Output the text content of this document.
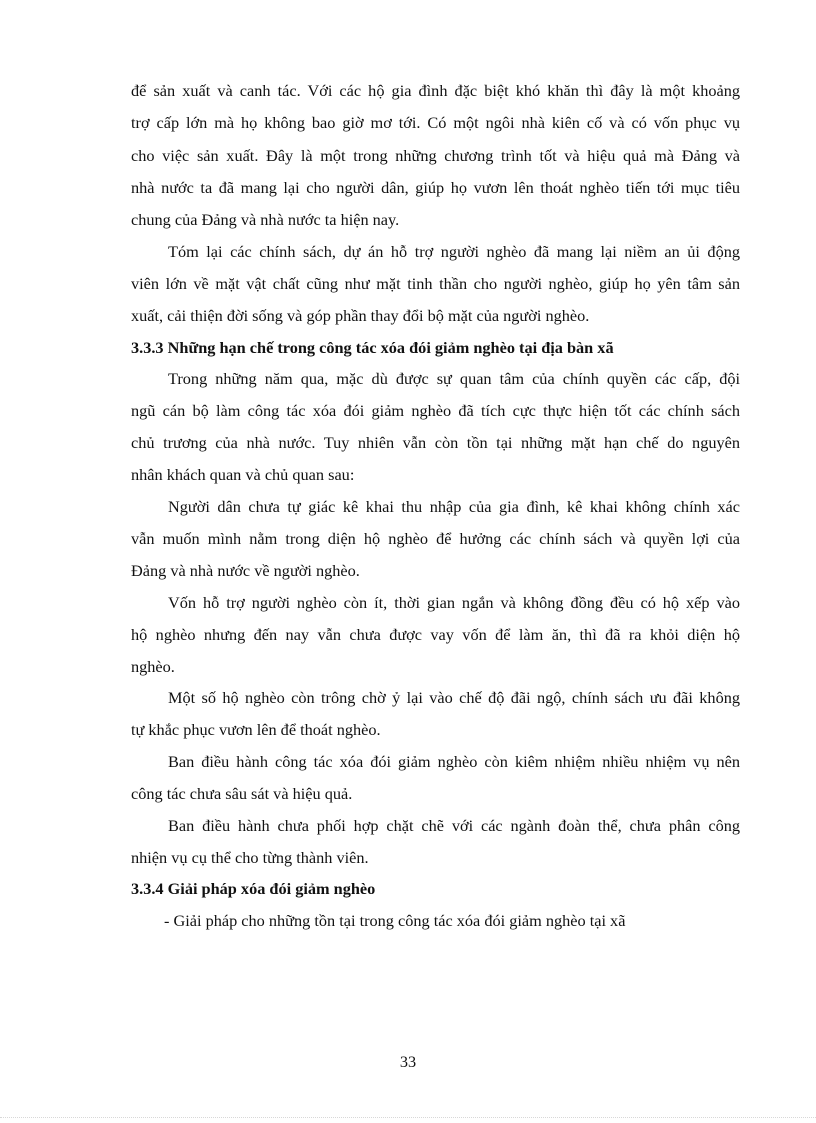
để sản xuất và canh tác. Với các hộ gia đình đặc biệt khó khăn thì đây là một khoảng
trợ cấp lớn mà họ không bao giờ mơ tới. Có một ngôi nhà kiên cố và có vốn phục vụ
cho việc sản xuất. Đây là một trong những chương trình tốt và hiệu quả mà Đảng và
nhà nước ta đã mang lại cho người dân, giúp họ vươn lên thoát nghèo tiến tới mục tiêu
chung của Đảng và nhà nước ta hiện nay.
Tóm lại các chính sách, dự án hỗ trợ người nghèo đã mang lại niềm an ủi động
viên lớn về mặt vật chất cũng như mặt tinh thần cho người nghèo, giúp họ yên tâm sản
xuất, cải thiện đời sống và góp phần thay đổi bộ mặt của người nghèo.
3.3.3 Những hạn chế trong công tác xóa đói giảm nghèo tại địa bàn xã
Trong những năm qua, mặc dù được sự quan tâm của chính quyền các cấp, đội
ngũ cán bộ làm công tác xóa đói giảm nghèo đã tích cực thực hiện tốt các chính sách
chủ trương của nhà nước. Tuy nhiên vẫn còn tồn tại những mặt hạn chế do nguyên
nhân khách quan và chủ quan sau:
Người dân chưa tự giác kê khai thu nhập của gia đình, kê khai không chính xác
vẫn muốn mình nằm trong diện hộ nghèo để hưởng các chính sách và quyền lợi của
Đảng và nhà nước về người nghèo.
Vốn hỗ trợ người nghèo còn ít, thời gian ngắn và không đồng đều có hộ xếp vào
hộ nghèo nhưng đến nay vẫn chưa được vay vốn để làm ăn, thì đã ra khỏi diện hộ
nghèo.
Một số hộ nghèo còn trông chờ ỷ lại vào chế độ đãi ngộ, chính sách ưu đãi không
tự khắc phục vươn lên để thoát nghèo.
Ban điều hành công tác xóa đói giảm nghèo còn kiêm nhiệm nhiều nhiệm vụ nên
công tác chưa sâu sát và hiệu quả.
Ban điều hành chưa phối hợp chặt chẽ với các ngành đoàn thể, chưa phân công
nhiện vụ cụ thể cho từng thành viên.
3.3.4 Giải pháp xóa đói giảm nghèo
- Giải pháp cho những tồn tại trong công tác xóa đói giảm nghèo tại xã
33
